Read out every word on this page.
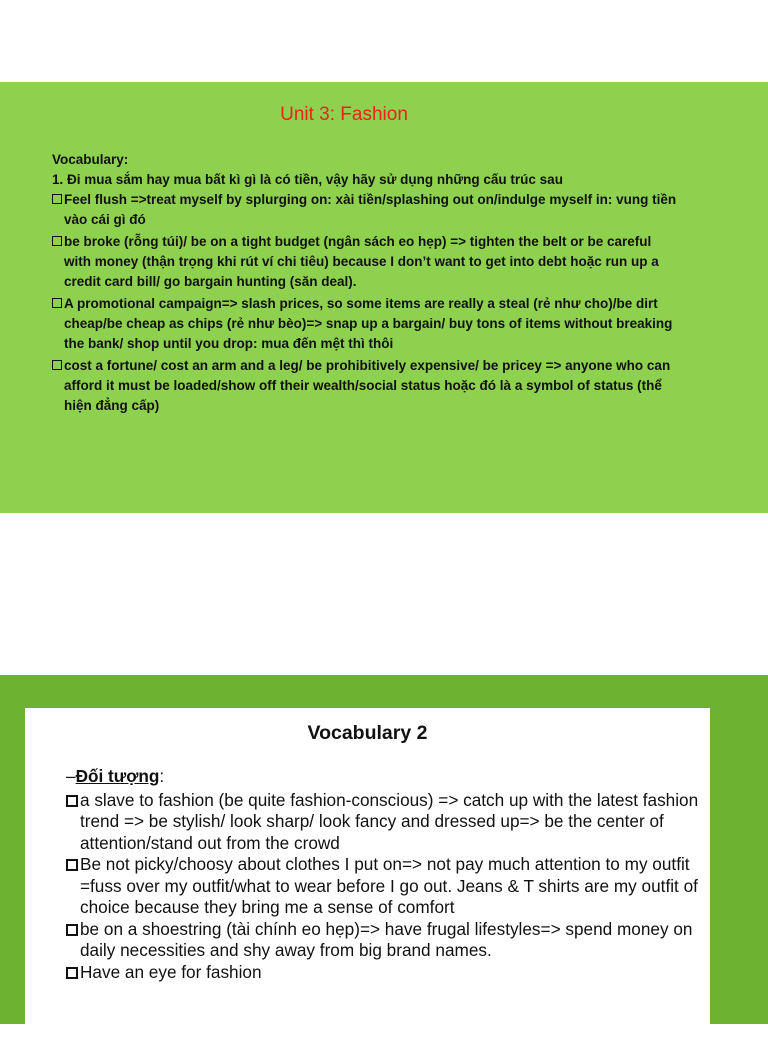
Unit 3: Fashion

Vocabulary:

1. Đi mua sắm hay mua bất kì gì là có tiền, vậy hãy sử dụng những cấu trúc sau

Feel flush =>treat myself by splurging on: xài tiền/splashing out on/indulge myself in: vung tiền vào cái gì đó
be broke (rỗng túi)/ be on a tight budget (ngân sách eo hẹp) => tighten the belt or be careful with money (thận trọng khi rút ví chi tiêu) because I don’t want to get into debt hoặc run up a credit card bill/ go bargain hunting (săn deal).
A promotional campaign=> slash prices, so some items are really a steal (rẻ như cho)/be dirt cheap/be cheap as chips (rẻ như bèo)=> snap up a bargain/ buy tons of items without breaking the bank/ shop until you drop: mua đến mệt thì thôi
cost a fortune/ cost an arm and a leg/ be prohibitively expensive/ be pricey => anyone who can afford it must be loaded/show off their wealth/social status hoặc đó là a symbol of status (thể hiện đẳng cấp)
Vocabulary 2

–Đối tượng:

a slave to fashion (be quite fashion-conscious) => catch up with the latest fashion trend => be stylish/ look sharp/ look fancy and dressed up=> be the center of attention/stand out from the crowd
Be not picky/choosy about clothes I put on=> not pay much attention to my outfit =fuss over my outfit/what to wear before I go out. Jeans & T shirts are my outfit of choice because they bring me a sense of comfort
be on a shoestring (tài chính eo hẹp)=> have frugal lifestyles=> spend money on daily necessities and shy away from big brand names.
Have an eye for fashion
